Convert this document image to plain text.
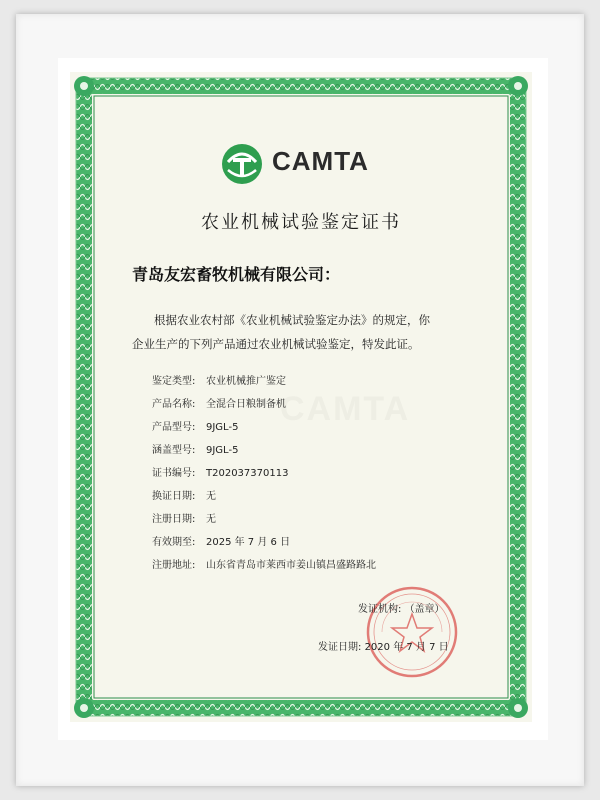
CAMTA
CAMTA
农业机械试验鉴定证书
青岛友宏畜牧机械有限公司：
根据农业农村部《农业机械试验鉴定办法》的规定，你
企业生产的下列产品通过农业机械试验鉴定，特发此证。
鉴定类型: 农业机械推广鉴定
产品名称: 全混合日粮制备机
产品型号: 9JGL-5
涵盖型号: 9JGL-5
证书编号: T202037370113
换证日期: 无
注册日期: 无
有效期至: 2025 年 7 月 6 日
注册地址: 山东省青岛市莱西市姜山镇昌盛路路北
发证机构: （盖章）
发证日期: 2020 年 7 月 7 日
